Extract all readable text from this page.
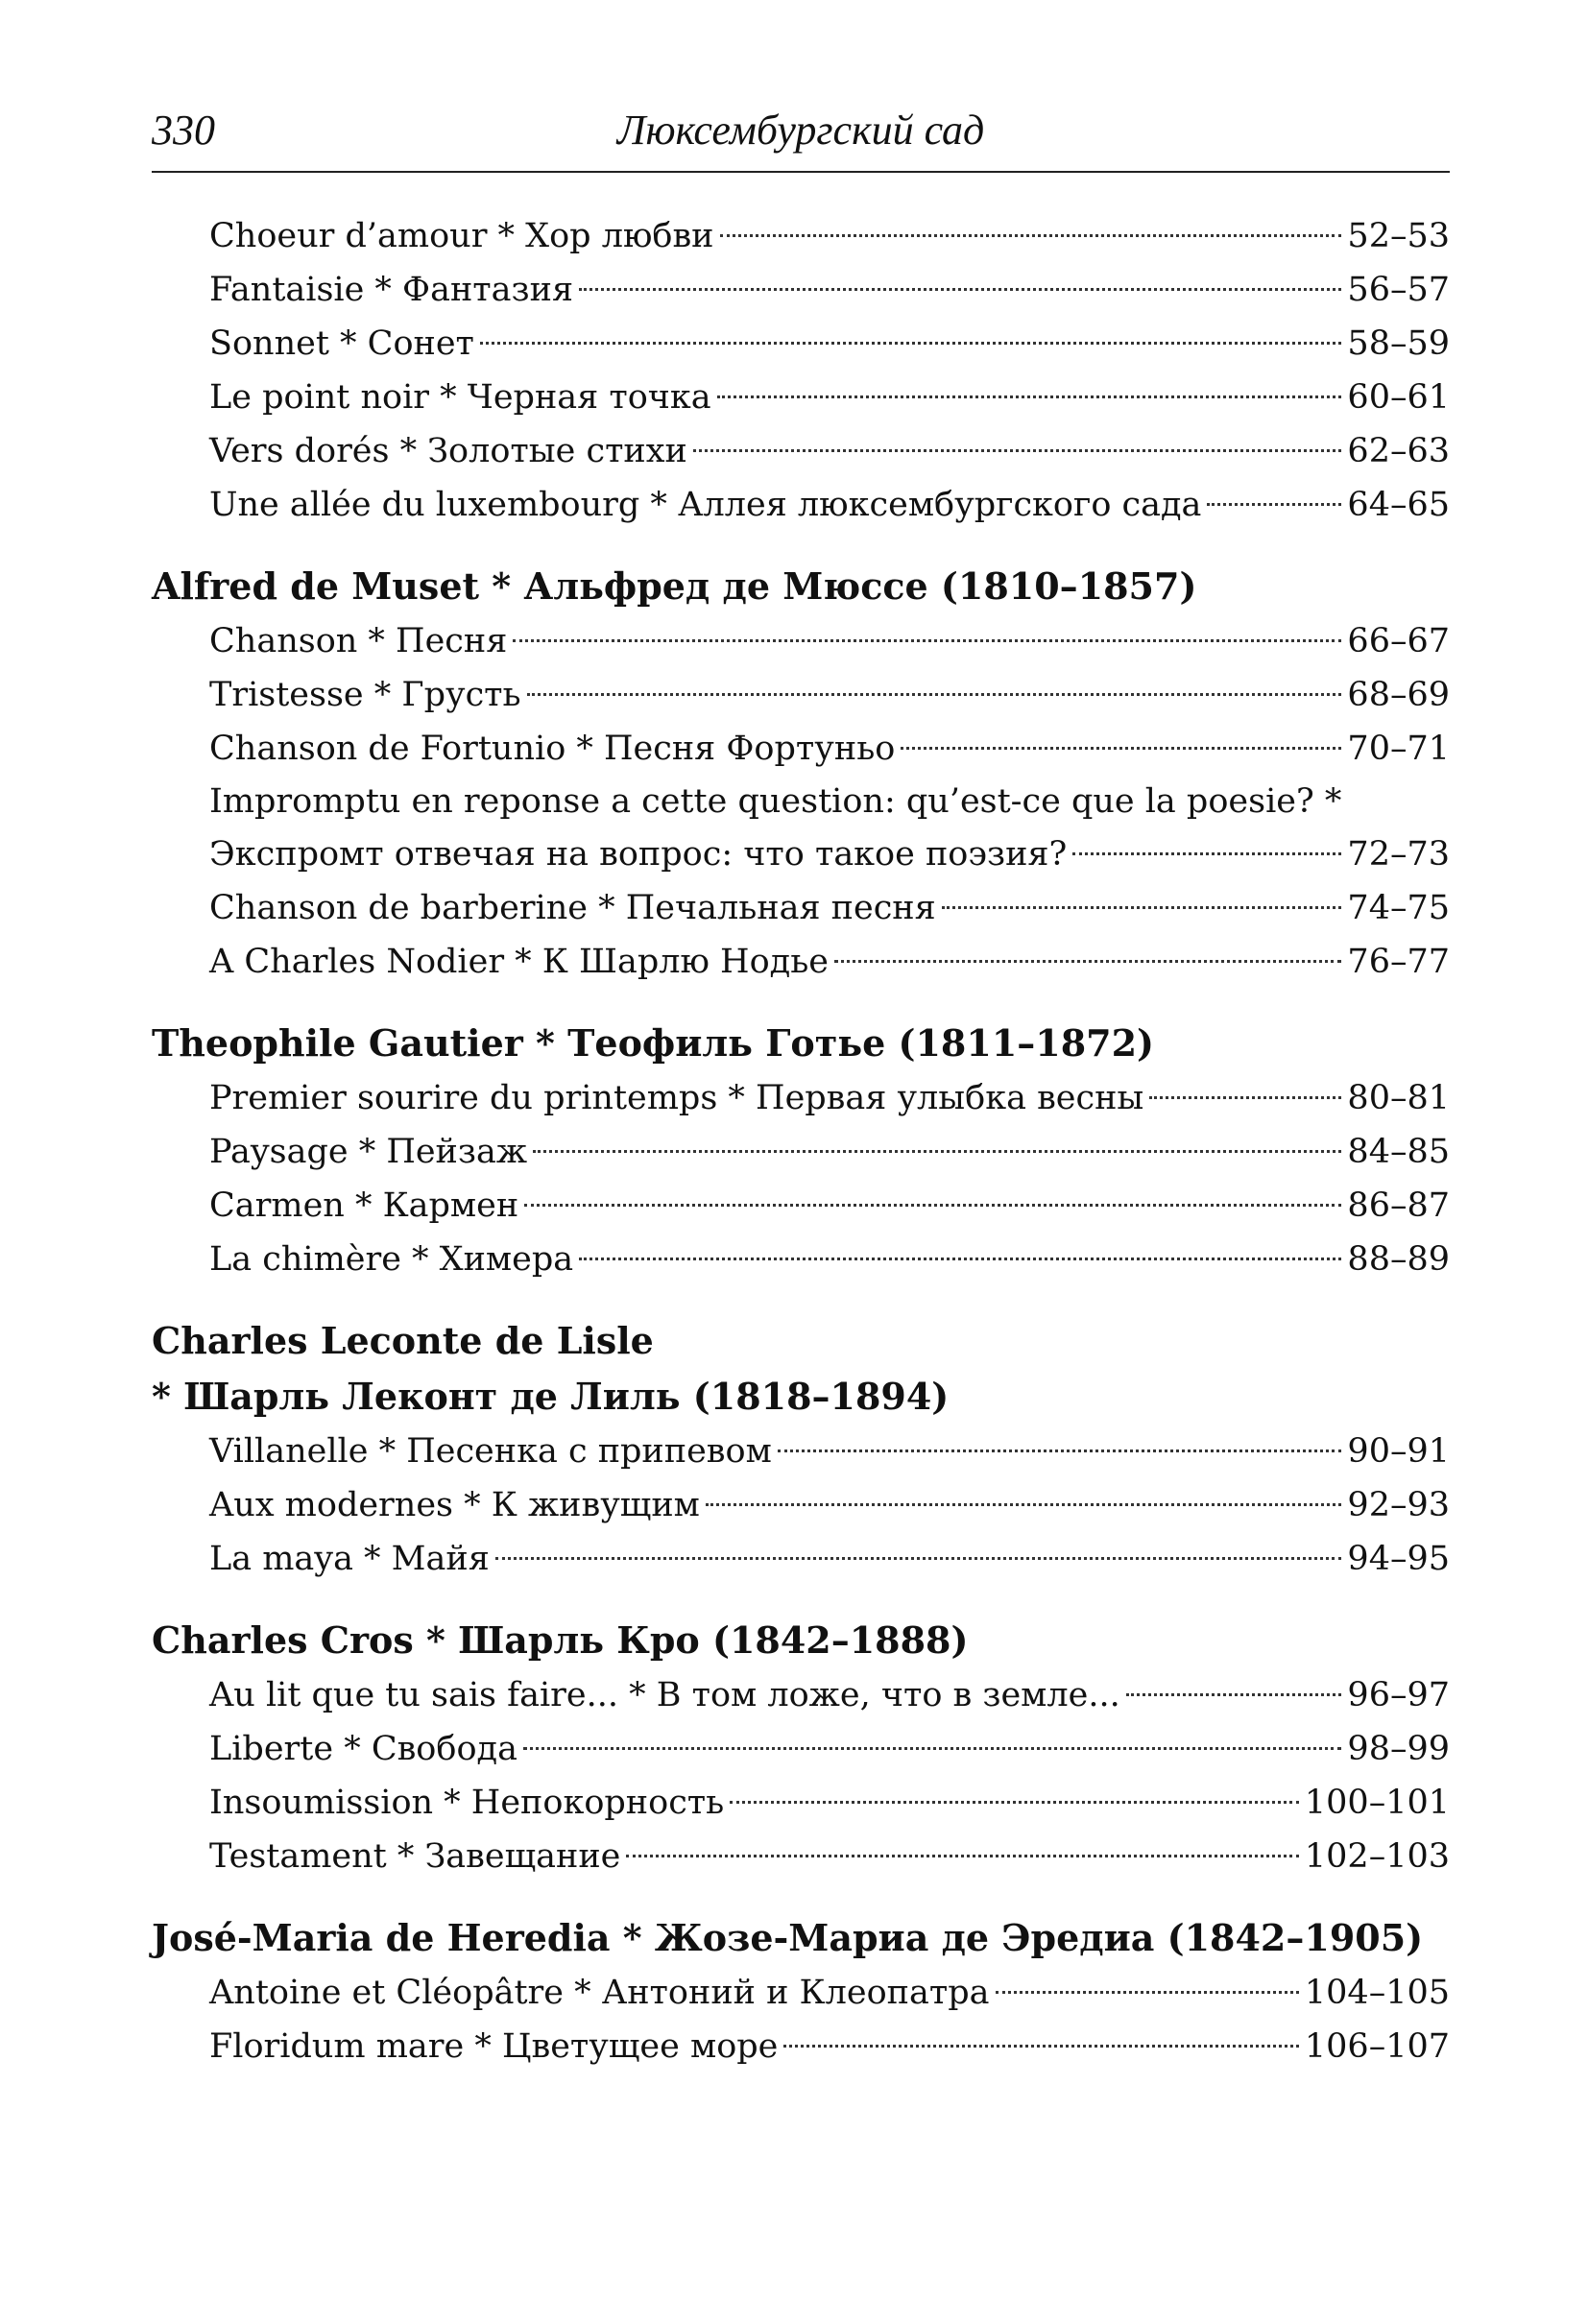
330	Люксембургский сад
Choeur d’amour * Хор любви	52–53
Fantaisie * Фантазия	56–57
Sonnet * Сонет	58–59
Le point noir * Черная точка	60–61
Vers dorés * Золотые стихи	62–63
Une allée du luxembourg * Аллея люксембургского сада	64–65
Alfred de Muset * Альфред де Мюссе (1810–1857)
Chanson * Песня	66–67
Tristesse * Грусть	68–69
Chanson de Fortunio * Песня Фортуньо	70–71
Impromptu en reponse a cette question: qu’est-ce que la poesie? *
Экспромт отвечая на вопрос: что такое поэзия?	72–73
Chanson de barberine * Печальная песня	74–75
A Charles Nodier * К Шарлю Нодье	76–77
Theophile Gautier * Теофиль Готье (1811–1872)
Premier sourire du printemps * Первая улыбка весны	80–81
Paysage * Пейзаж	84–85
Carmen * Кармен	86–87
La chimère * Химера	88–89
Charles Leconte de Lisle
* Шарль Леконт де Лиль (1818–1894)
Villanelle * Песенка с припевом	90–91
Aux modernes * К живущим	92–93
La maya * Майя	94–95
Charles Cros * Шарль Кро (1842–1888)
Au lit que tu sais faire... * В том ложе, что в земле...	96–97
Liberte * Свобода	98–99
Insoumission * Непокорность	100–101
Testament * Завещание	102–103
José-Maria de Heredia * Жозе-Мариа де Эредиа (1842–1905)
Antoine et Cléopâtre * Антоний и Клеопатра	104–105
Floridum mare * Цветущее море	106–107
